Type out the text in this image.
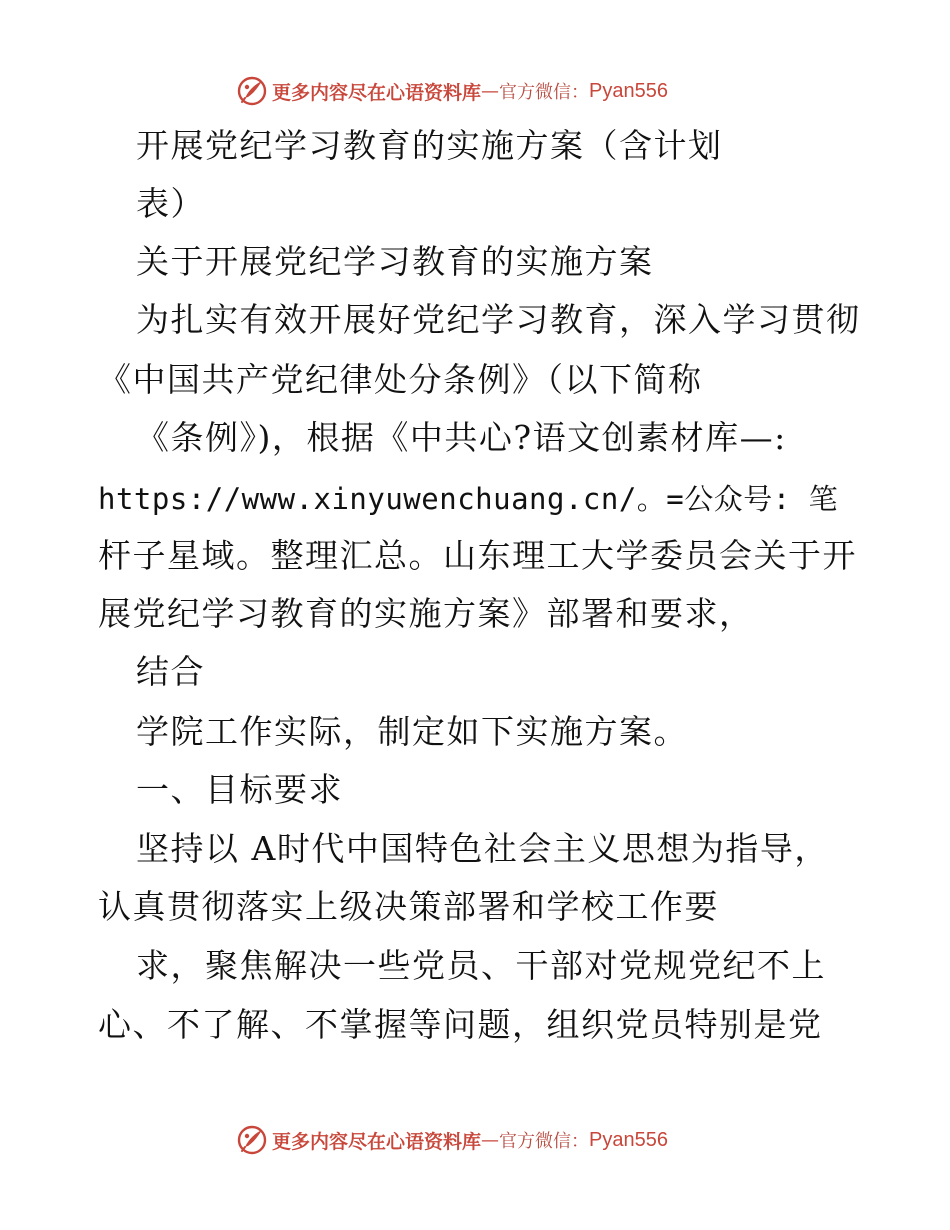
更多内容尽在心语资料库 — 官方微信： Pyan556
开展党纪学习教育的实施方案（含计划
表）
关于开展党纪学习教育的实施方案
为扎实有效开展好党纪学习教育，深入学习贯彻
《中国共产党纪律处分条例》（以下简称
《条例》)，根据《中共心?语文创素材库—:
https://www.xinyuwenchuang.cn/。=公众号: 笔
杆子星域。整理汇总。山东理工大学委员会关于开
展党纪学习教育的实施方案》部署和要求，
结合
学院工作实际，制定如下实施方案。
一、目标要求
坚持以 A时代中国特色社会主义思想为指导，
认真贯彻落实上级决策部署和学校工作要
求，聚焦解决一些党员、干部对党规党纪不上
心、不了解、不掌握等问题，组织党员特别是党
更多内容尽在心语资料库 — 官方微信： Pyan556
